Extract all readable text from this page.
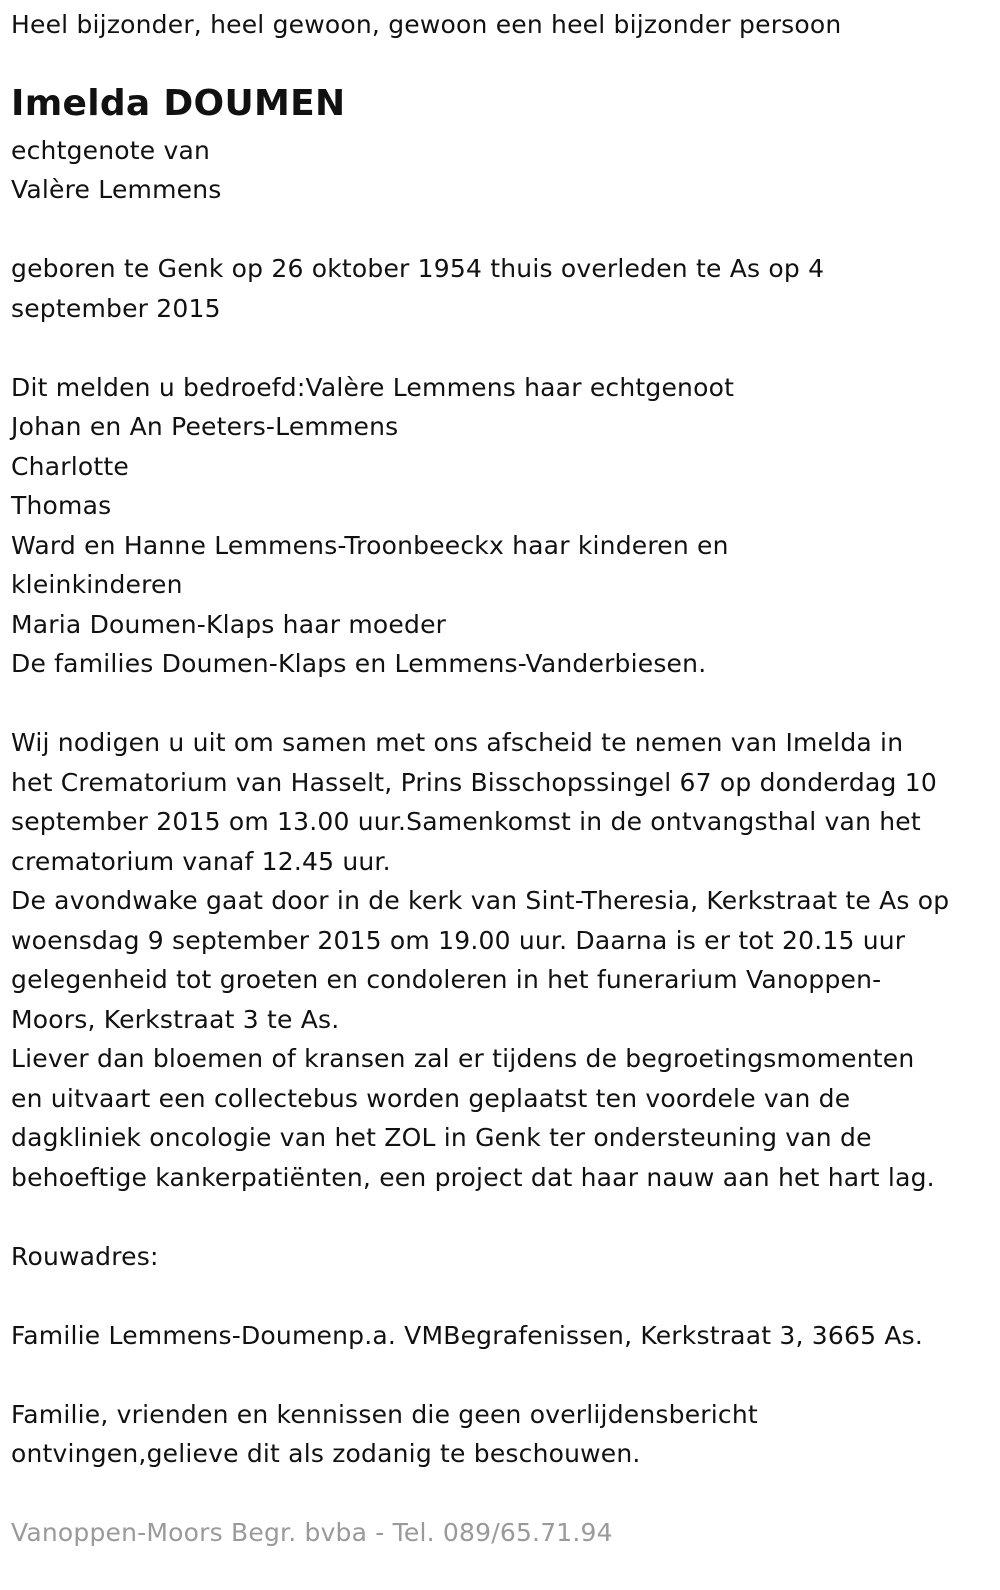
Heel bijzonder, heel gewoon, gewoon een heel bijzonder persoon
Imelda DOUMEN
echtgenote van
Valère Lemmens
geboren te Genk op 26 oktober 1954 thuis overleden te As op 4
september 2015
Dit melden u bedroefd:Valère Lemmens haar echtgenoot
Johan en An Peeters-Lemmens
Charlotte
Thomas
Ward en Hanne Lemmens-Troonbeeckx haar kinderen en
kleinkinderen
Maria Doumen-Klaps haar moeder
De families Doumen-Klaps en Lemmens-Vanderbiesen.
Wij nodigen u uit om samen met ons afscheid te nemen van Imelda in
het Crematorium van Hasselt, Prins Bisschopssingel 67 op donderdag 10
september 2015 om 13.00 uur.Samenkomst in de ontvangsthal van het
crematorium vanaf 12.45 uur.
De avondwake gaat door in de kerk van Sint-Theresia, Kerkstraat te As op
woensdag 9 september 2015 om 19.00 uur. Daarna is er tot 20.15 uur
gelegenheid tot groeten en condoleren in het funerarium Vanoppen-
Moors, Kerkstraat 3 te As.
Liever dan bloemen of kransen zal er tijdens de begroetingsmomenten
en uitvaart een collectebus worden geplaatst ten voordele van de
dagkliniek oncologie van het ZOL in Genk ter ondersteuning van de
behoeftige kankerpatiënten, een project dat haar nauw aan het hart lag.
Rouwadres:
Familie Lemmens-Doumenp.a. VMBegrafenissen, Kerkstraat 3, 3665 As.
Familie, vrienden en kennissen die geen overlijdensbericht
ontvingen,gelieve dit als zodanig te beschouwen.
Vanoppen-Moors Begr. bvba - Tel. 089/65.71.94
